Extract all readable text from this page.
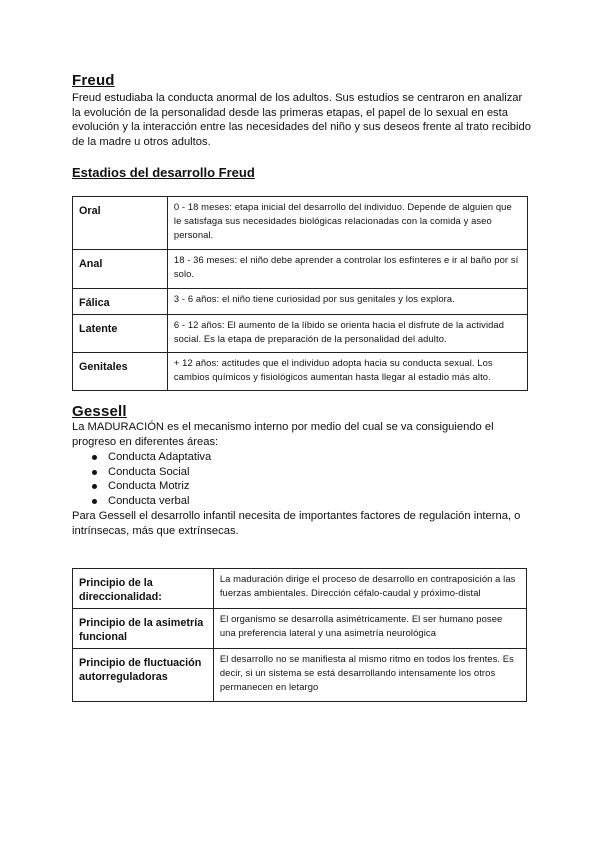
Freud
Freud estudiaba la conducta anormal de los adultos. Sus estudios se centraron en analizar la evolución de la personalidad desde las primeras etapas, el papel de lo sexual en esta evolución y la interacción entre las necesidades del niño y sus deseos frente al trato recibido de la madre u otros adultos.
Estadios del desarrollo Freud
Oral	0 - 18 meses: etapa inicial del desarrollo del individuo. Depende de alguien que le satisfaga sus necesidades biológicas relacionadas con la comida y aseo personal.
Anal	18 - 36 meses: el niño debe aprender a controlar los esfínteres e ir al baño por sí solo.
Fálica	3 - 6 años: el niño tiene curiosidad por sus genitales y los explora.
Latente	6 - 12 años: El aumento de la líbido se orienta hacia el disfrute de la actividad social. Es la etapa de preparación de la personalidad del adulto.
Genitales	+ 12 años: actitudes que el individuo adopta hacia su conducta sexual. Los cambios químicos y fisiológicos aumentan hasta llegar al estadio más alto.
Gessell
La MADURACIÓN es el mecanismo interno por medio del cual se va consiguiendo el progreso en diferentes áreas:
Conducta Adaptativa
Conducta Social
Conducta Motriz
Conducta verbal
Para Gessell el desarrollo infantil necesita de importantes factores de regulación interna, o intrínsecas, más que extrínsecas.
Principio de la direccionalidad:	La maduración dirige el proceso de desarrollo en contraposición a las fuerzas ambientales. Dirección céfalo-caudal y próximo-distal
Principio de la asimetría funcional	El organismo se desarrolla asimétricamente. El ser humano posee una preferencia lateral y una asimetría neurológica
Principio de fluctuación autorreguladoras	El desarrollo no se manifiesta al mismo ritmo en todos los frentes. Es decir, si un sistema se está desarrollando intensamente los otros permanecen en letargo
